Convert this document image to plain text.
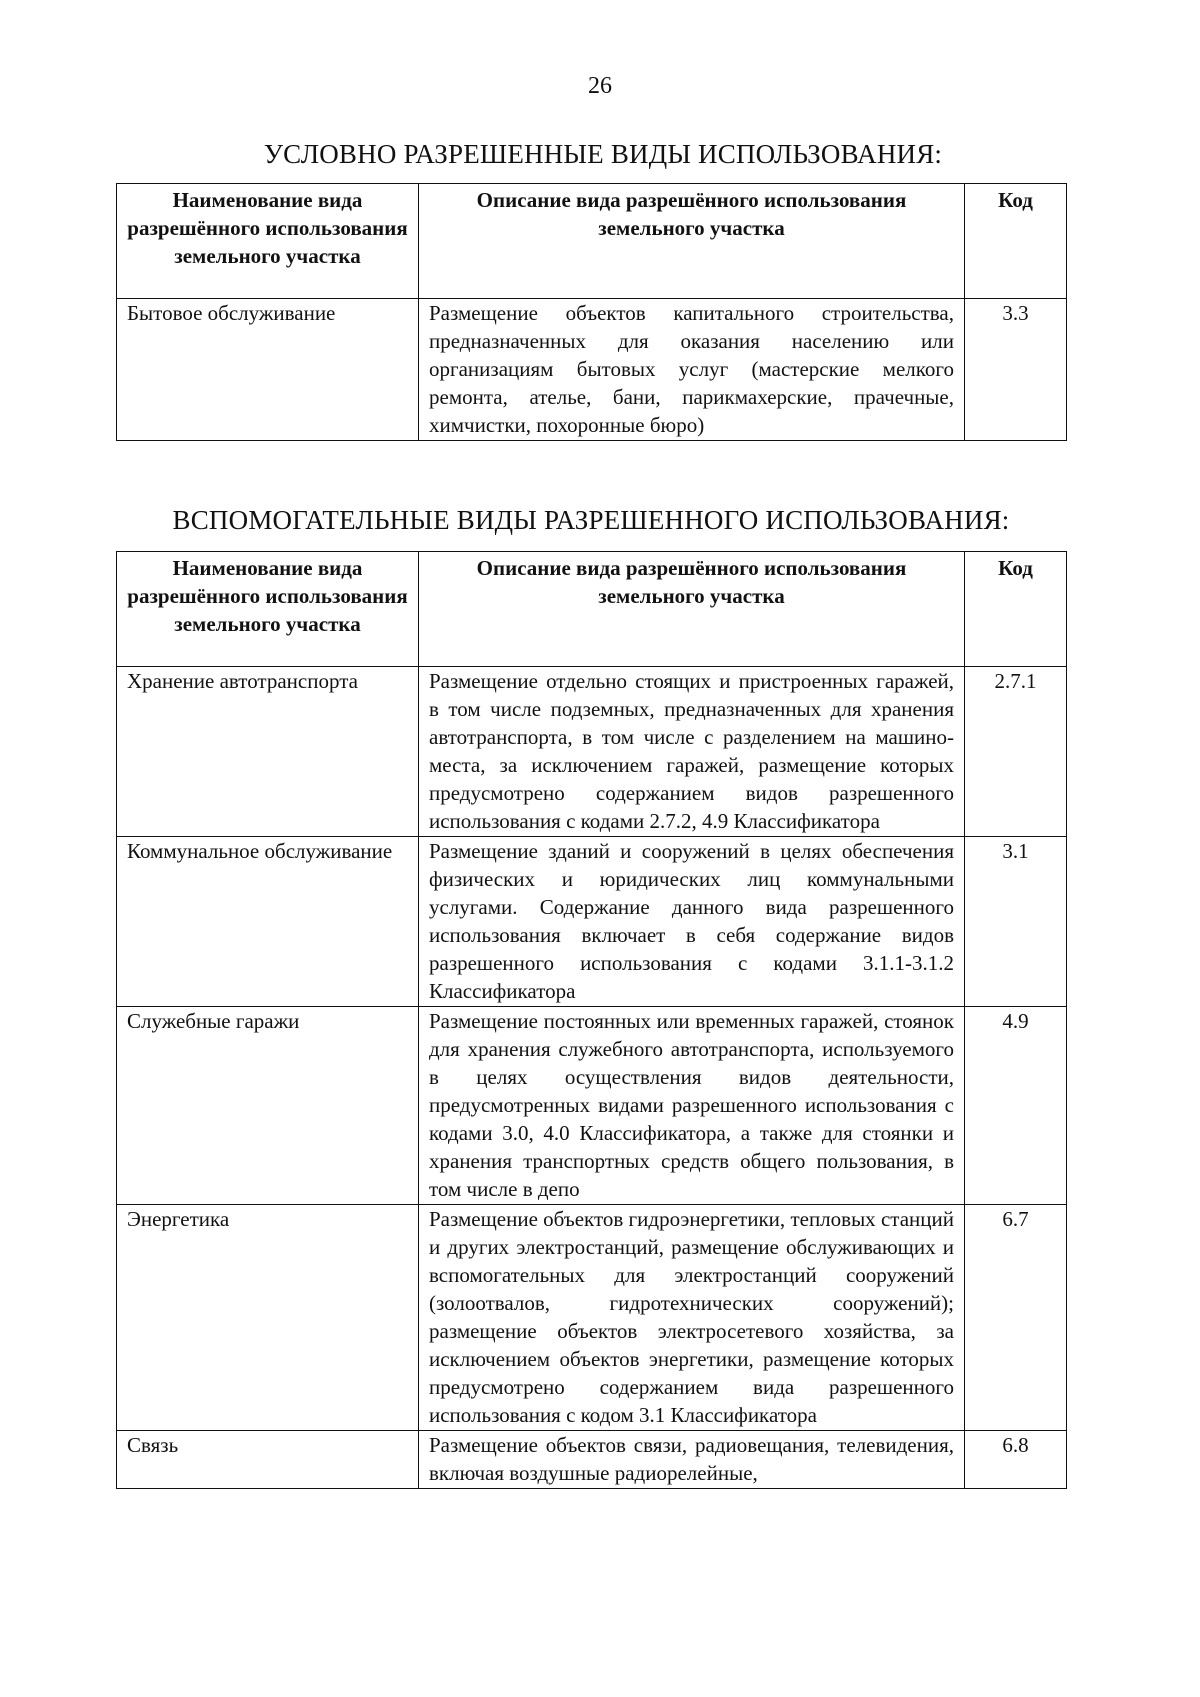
26
УСЛОВНО РАЗРЕШЕННЫЕ ВИДЫ ИСПОЛЬЗОВАНИЯ:
Наименование вида разрешённого использования земельного участка	Описание вида разрешённого использования земельного участка	Код
Бытовое обслуживание	Размещение объектов капитального строительства, предназначенных для оказания населению или организациям бытовых услуг (мастерские мелкого ремонта, ателье, бани, парикмахерские, прачечные, химчистки, похоронные бюро)	3.3
ВСПОМОГАТЕЛЬНЫЕ ВИДЫ РАЗРЕШЕННОГО ИСПОЛЬЗОВАНИЯ:
Наименование вида разрешённого использования земельного участка	Описание вида разрешённого использования земельного участка	Код
Хранение автотранспорта	Размещение отдельно стоящих и пристроенных гаражей, в том числе подземных, предназначенных для хранения автотранспорта, в том числе с разделением на машино-места, за исключением гаражей, размещение которых предусмотрено содержанием видов разрешенного использования с кодами 2.7.2, 4.9 Классификатора	2.7.1
Коммунальное обслуживание	Размещение зданий и сооружений в целях обеспечения физических и юридических лиц коммунальными услугами. Содержание данного вида разрешенного использования включает в себя содержание видов разрешенного использования с кодами 3.1.1-3.1.2 Классификатора	3.1
Служебные гаражи	Размещение постоянных или временных гаражей, стоянок для хранения служебного автотранспорта, используемого в целях осуществления видов деятельности, предусмотренных видами разрешенного использования с кодами 3.0, 4.0 Классификатора, а также для стоянки и хранения транспортных средств общего пользования, в том числе в депо	4.9
Энергетика	Размещение объектов гидроэнергетики, тепловых станций и других электростанций, размещение обслуживающих и вспомогательных для электростанций сооружений (золоотвалов, гидротехнических сооружений); размещение объектов электросетевого хозяйства, за исключением объектов энергетики, размещение которых предусмотрено содержанием вида разрешенного использования с кодом 3.1 Классификатора	6.7
Связь	Размещение объектов связи, радиовещания, телевидения, включая воздушные радиорелейные,	6.8
